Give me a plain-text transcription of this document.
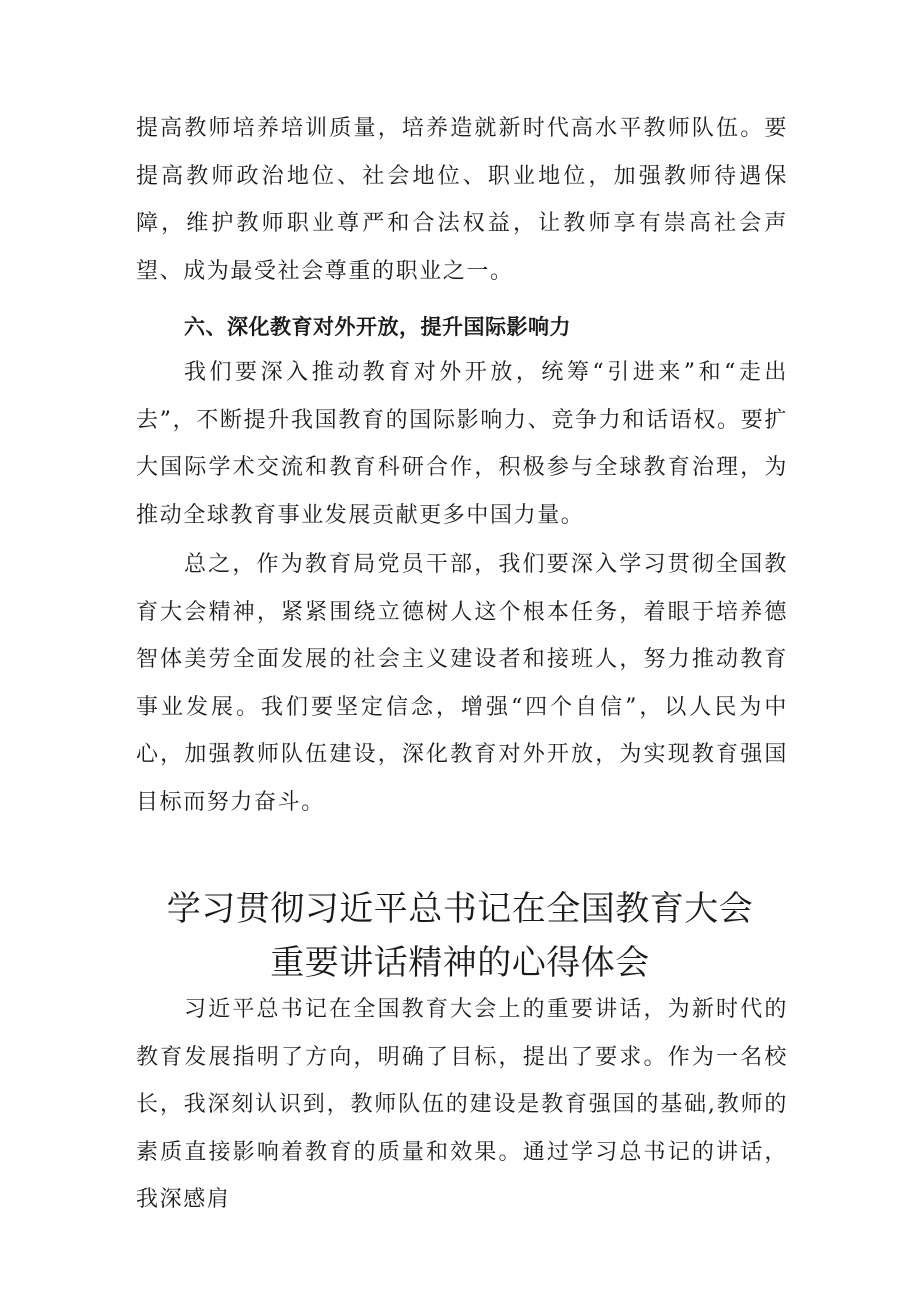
提高教师培养培训质量，培养造就新时代高水平教师队伍。要提高教师政治地位、社会地位、职业地位，加强教师待遇保障，维护教师职业尊严和合法权益，让教师享有崇高社会声望、成为最受社会尊重的职业之一。

六、深化教育对外开放，提升国际影响力

我们要深入推动教育对外开放，统筹“引进来”和“走出去”，不断提升我国教育的国际影响力、竞争力和话语权。要扩大国际学术交流和教育科研合作，积极参与全球教育治理，为推动全球教育事业发展贡献更多中国力量。

总之，作为教育局党员干部，我们要深入学习贯彻全国教育大会精神，紧紧围绕立德树人这个根本任务，着眼于培养德智体美劳全面发展的社会主义建设者和接班人，努力推动教育事业发展。我们要坚定信念，增强“四个自信”，以人民为中心，加强教师队伍建设，深化教育对外开放，为实现教育强国目标而努力奋斗。

学习贯彻习近平总书记在全国教育大会重要讲话精神的心得体会

习近平总书记在全国教育大会上的重要讲话，为新时代的教育发展指明了方向，明确了目标，提出了要求。作为一名校长，我深刻认识到，教师队伍的建设是教育强国的基础,教师的素质直接影响着教育的质量和效果。通过学习总书记的讲话，我深感肩
